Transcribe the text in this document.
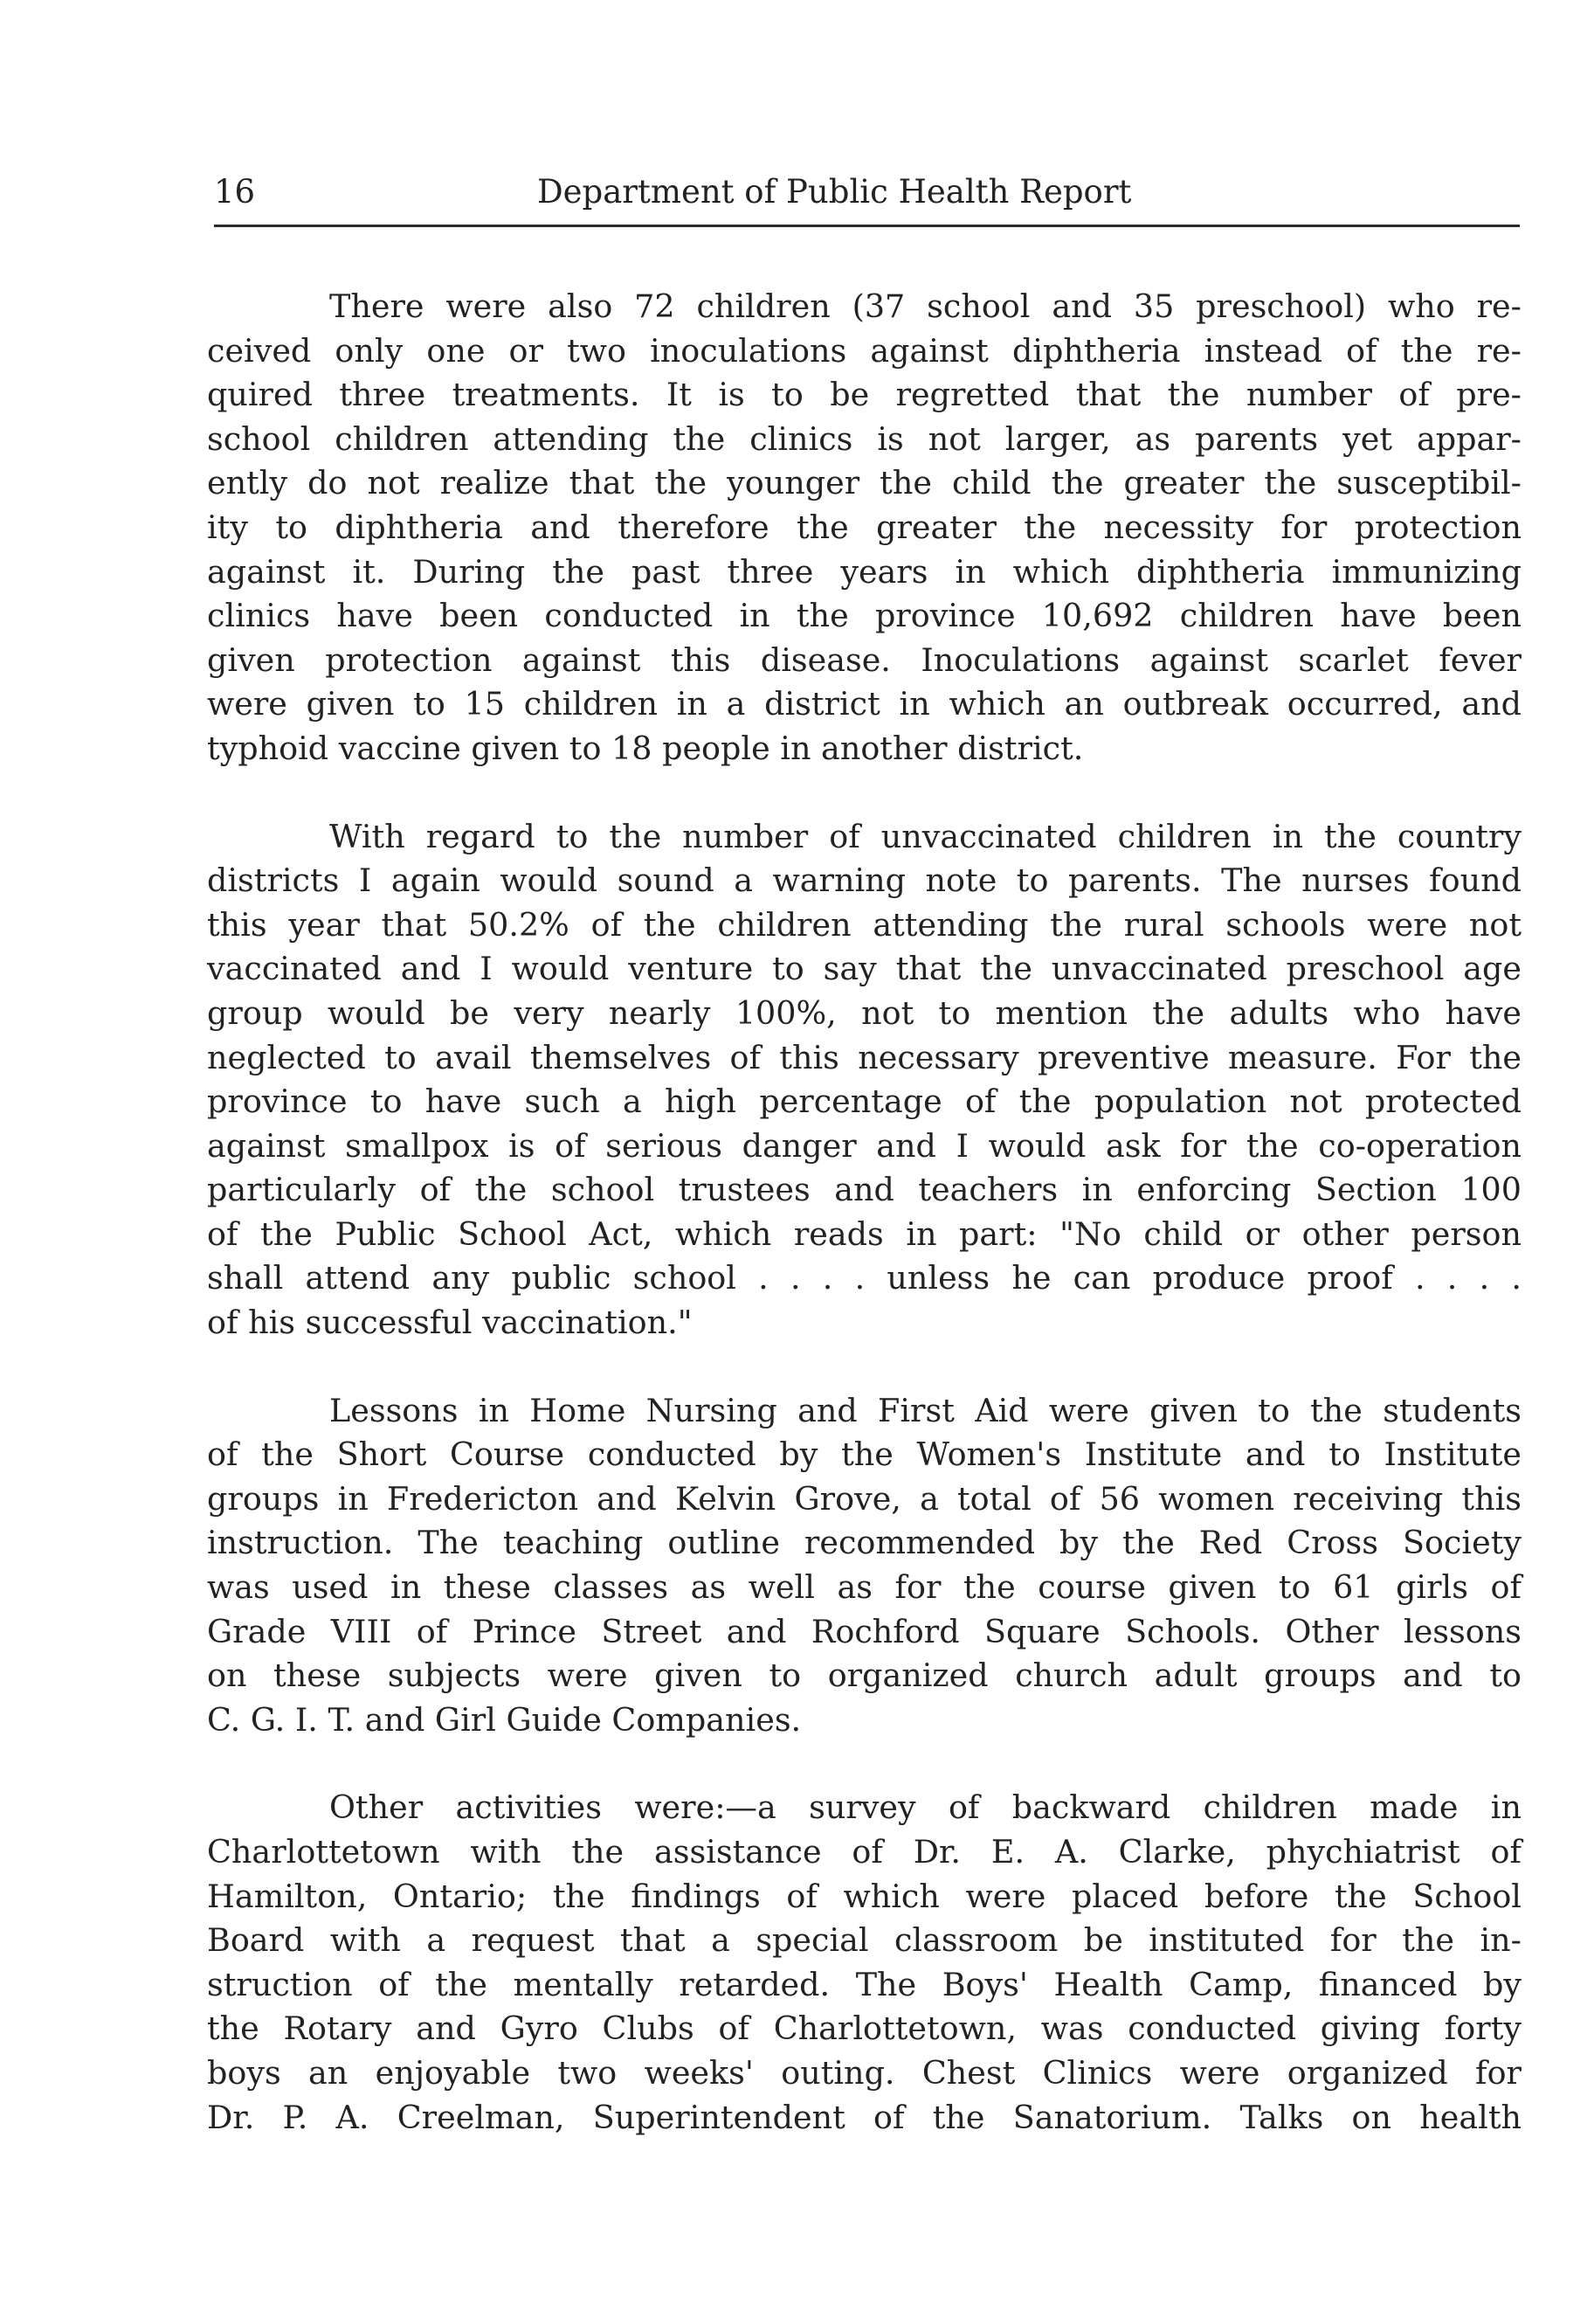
16	Department of Public Health Report
There were also 72 children (37 school and 35 preschool) who re-
ceived only one or two inoculations against diphtheria instead of the re-
quired three treatments. It is to be regretted that the number of pre-
school children attending the clinics is not larger, as parents yet appar-
ently do not realize that the younger the child the greater the susceptibil-
ity to diphtheria and therefore the greater the necessity for protection
against it. During the past three years in which diphtheria immunizing
clinics have been conducted in the province 10,692 children have been
given protection against this disease. Inoculations against scarlet fever
were given to 15 children in a district in which an outbreak occurred, and
typhoid vaccine given to 18 people in another district.
With regard to the number of unvaccinated children in the country
districts I again would sound a warning note to parents. The nurses found
this year that 50.2% of the children attending the rural schools were not
vaccinated and I would venture to say that the unvaccinated preschool age
group would be very nearly 100%, not to mention the adults who have
neglected to avail themselves of this necessary preventive measure. For the
province to have such a high percentage of the population not protected
against smallpox is of serious danger and I would ask for the co-operation
particularly of the school trustees and teachers in enforcing Section 100
of the Public School Act, which reads in part: "No child or other person
shall attend any public school . . . . unless he can produce proof . . . .
of his successful vaccination."
Lessons in Home Nursing and First Aid were given to the students
of the Short Course conducted by the Women's Institute and to Institute
groups in Fredericton and Kelvin Grove, a total of 56 women receiving this
instruction. The teaching outline recommended by the Red Cross Society
was used in these classes as well as for the course given to 61 girls of
Grade VIII of Prince Street and Rochford Square Schools. Other lessons
on these subjects were given to organized church adult groups and to
C. G. I. T. and Girl Guide Companies.
Other activities were:—a survey of backward children made in
Charlottetown with the assistance of Dr. E. A. Clarke, phychiatrist of
Hamilton, Ontario; the findings of which were placed before the School
Board with a request that a special classroom be instituted for the in-
struction of the mentally retarded. The Boys' Health Camp, financed by
the Rotary and Gyro Clubs of Charlottetown, was conducted giving forty
boys an enjoyable two weeks' outing. Chest Clinics were organized for
Dr. P. A. Creelman, Superintendent of the Sanatorium. Talks on health
